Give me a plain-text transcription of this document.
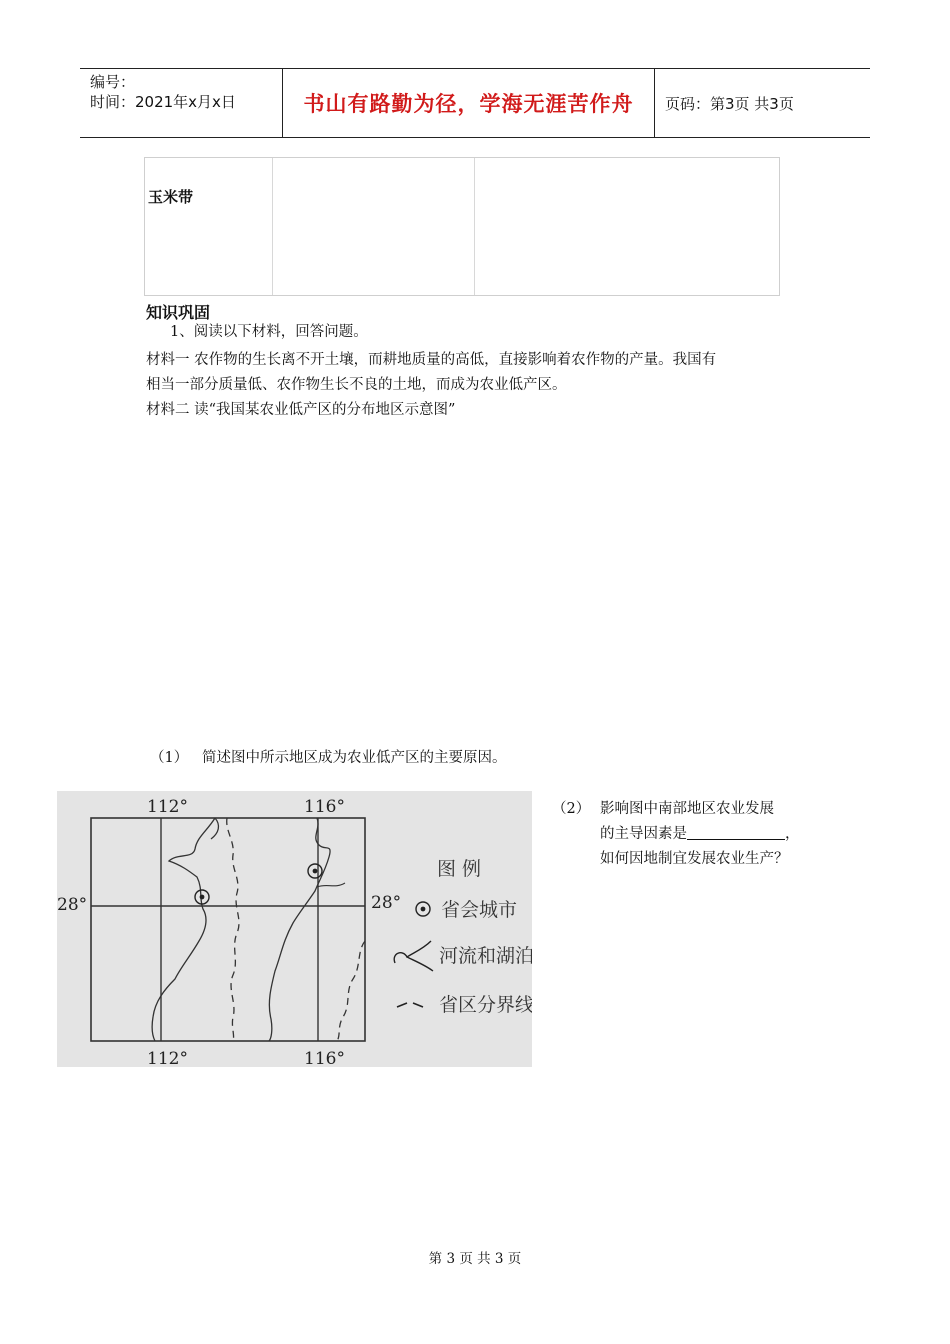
编号：
时间：2021年x月x日	书山有路勤为径，学海无涯苦作舟	页码：第3页 共3页
玉米带
知识巩固
1、阅读以下材料，回答问题。
材料一 农作物的生长离不开土壤，而耕地质量的高低，直接影响着农作物的产量。我国有
相当一部分质量低、农作物生长不良的土地，而成为农业低产区。
材料二 读“我国某农业低产区的分布地区示意图”
（1） 简述图中所示地区成为农业低产区的主要原因。
112°	116°
112°	116°
28°	28°
图 例
省会城市
河流和湖泊
省区分界线
（2） 影响图中南部地区农业发展
的主导因素是	，
如何因地制宜发展农业生产？
第 3 页 共 3 页
